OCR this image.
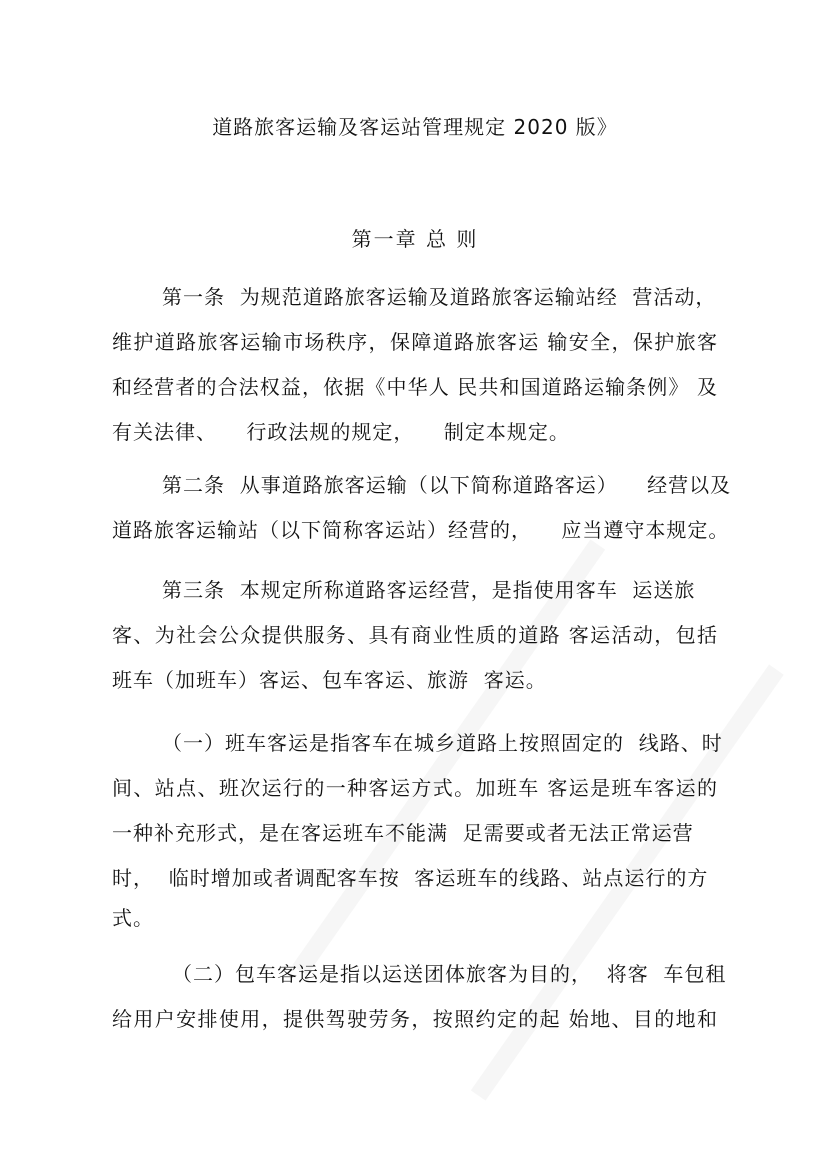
道路旅客运输及客运站管理规定 2020 版》
第一章 总 则
第一条  为规范道路旅客运输及道路旅客运输站经  营活动，
维护道路旅客运输市场秩序，保障道路旅客运 输安全，保护旅客
和经营者的合法权益，依据《中华人 民共和国道路运输条例》 及
有关法律、    行政法规的规定，    制定本规定。
第二条  从事道路旅客运输（以下简称道路客运）    经营以及
道路旅客运输站（以下简称客运站）经营的，    应当遵守本规定。
第三条  本规定所称道路客运经营，是指使用客车  运送旅
客、为社会公众提供服务、具有商业性质的道路 客运活动，包括
班车（加班车）客运、包车客运、旅游  客运。
（一）班车客运是指客车在城乡道路上按照固定的  线路、时
间、站点、班次运行的一种客运方式。加班车 客运是班车客运的
一种补充形式，是在客运班车不能满  足需要或者无法正常运营
时，  临时增加或者调配客车按  客运班车的线路、站点运行的方
式。
（二）包车客运是指以运送团体旅客为目的，  将客  车包租
给用户安排使用，提供驾驶劳务，按照约定的起 始地、目的地和
